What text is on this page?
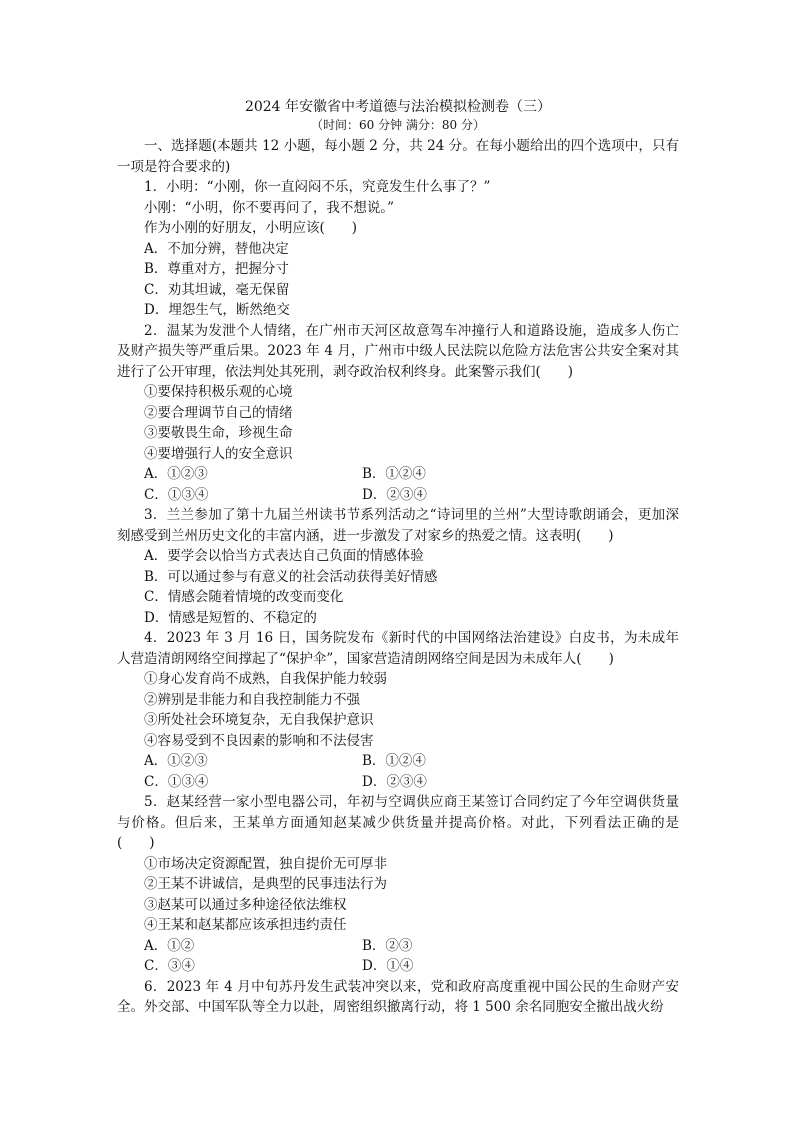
2024 年安徽省中考道德与法治模拟检测卷（三）
（时间：60 分钟 满分：80 分）

一、选择题(本题共 12 小题，每小题 2 分，共 24 分。在每小题给出的四个选项中，只有一项是符合要求的)

1．小明：“小刚，你一直闷闷不乐，究竟发生什么事了？”

小刚：“小明，你不要再问了，我不想说。”

作为小刚的好朋友，小明应该(　　)

A．不加分辨，替他决定

B．尊重对方，把握分寸

C．劝其坦诚，毫无保留

D．埋怨生气，断然绝交

2．温某为发泄个人情绪，在广州市天河区故意驾车冲撞行人和道路设施，造成多人伤亡及财产损失等严重后果。2023 年 4 月，广州市中级人民法院以危险方法危害公共安全案对其进行了公开审理，依法判处其死刑，剥夺政治权利终身。此案警示我们(　　)

①要保持积极乐观的心境

②要合理调节自己的情绪

③要敬畏生命，珍视生命

④要增强行人的安全意识

A．①②③	B．①②④
C．①③④	D．②③④

3．兰兰参加了第十九届兰州读书节系列活动之“诗词里的兰州”大型诗歌朗诵会，更加深刻感受到兰州历史文化的丰富内涵，进一步激发了对家乡的热爱之情。这表明(　　)

A．要学会以恰当方式表达自己负面的情感体验

B．可以通过参与有意义的社会活动获得美好情感

C．情感会随着情境的改变而变化

D．情感是短暂的、不稳定的

4．2023 年 3 月 16 日，国务院发布《新时代的中国网络法治建设》白皮书，为未成年人营造清朗网络空间撑起了“保护伞”，国家营造清朗网络空间是因为未成年人(　　)

①身心发育尚不成熟，自我保护能力较弱

②辨别是非能力和自我控制能力不强

③所处社会环境复杂，无自我保护意识

④容易受到不良因素的影响和不法侵害

A．①②③	B．①②④
C．①③④	D．②③④

5．赵某经营一家小型电器公司，年初与空调供应商王某签订合同约定了今年空调供货量与价格。但后来，王某单方面通知赵某减少供货量并提高价格。对此，下列看法正确的是(　　)

①市场决定资源配置，独自提价无可厚非

②王某不讲诚信，是典型的民事违法行为

③赵某可以通过多种途径依法维权

④王某和赵某都应该承担违约责任

A．①②	B．②③
C．③④	D．①④

6．2023 年 4 月中旬苏丹发生武装冲突以来，党和政府高度重视中国公民的生命财产安全。外交部、中国军队等全力以赴，周密组织撤离行动，将 1 500 余名同胞安全撤出战火纷
